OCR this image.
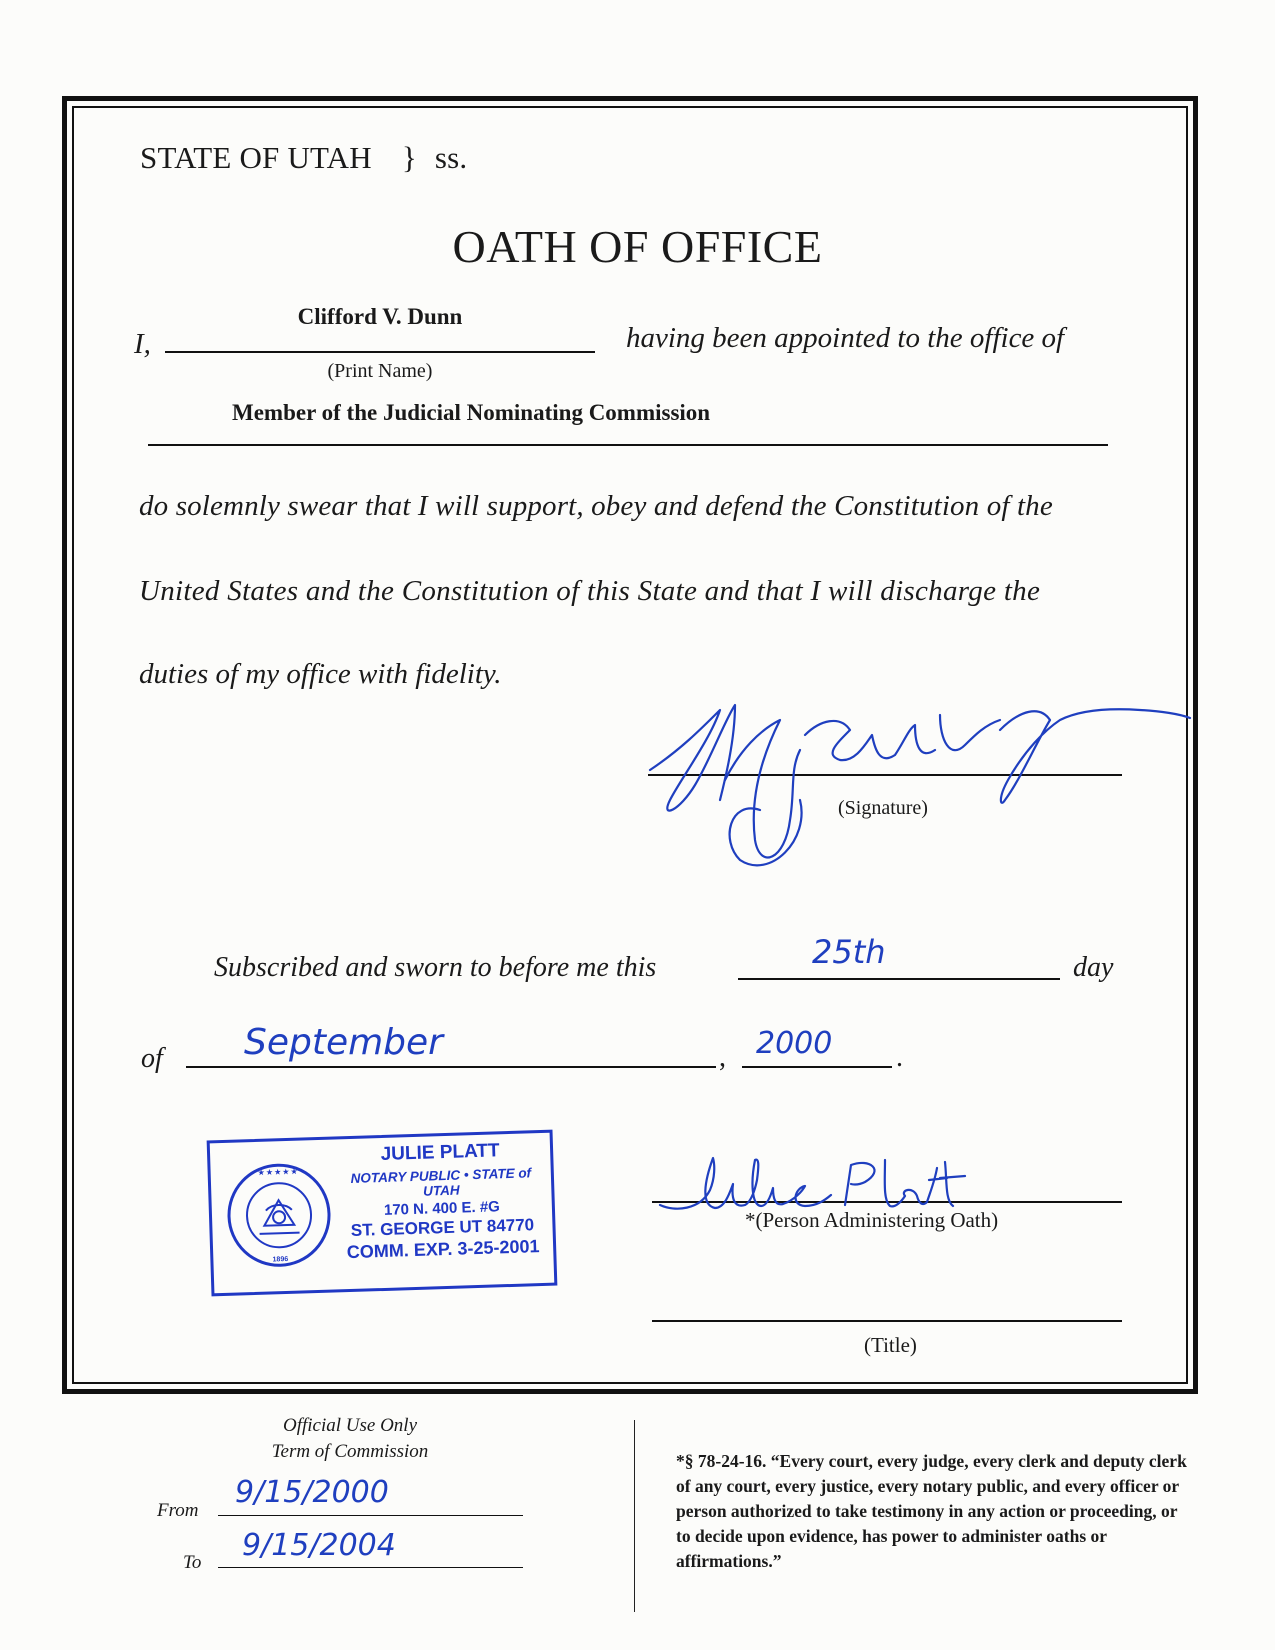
STATE OF UTAH } ss.
OATH OF OFFICE
I,
Clifford V. Dunn
(Print Name)
having been appointed to the office of
Member of the Judicial Nominating Commission
do solemnly swear that I will support, obey and defend the Constitution of the
United States and the Constitution of this State and that I will discharge the
duties of my office with fidelity.
(Signature)
Subscribed and sworn to before me this	25th	day
of September	, 2000 .
★ ★ ★ ★ ★
1896
JULIE PLATT
NOTARY PUBLIC • STATE of UTAH
170 N. 400 E. #G
ST. GEORGE UT 84770
COMM. EXP. 3-25-2001
*(Person Administering Oath)
(Title)
Official Use Only
Term of Commission
From
9/15/2000
To 9/15/2004
*§ 78-24-16. “Every court, every judge, every clerk and deputy clerk of any court, every justice, every notary public, and every officer or person authorized to take testimony in any action or proceeding, or to decide upon evidence, has power to administer oaths or affirmations.”
